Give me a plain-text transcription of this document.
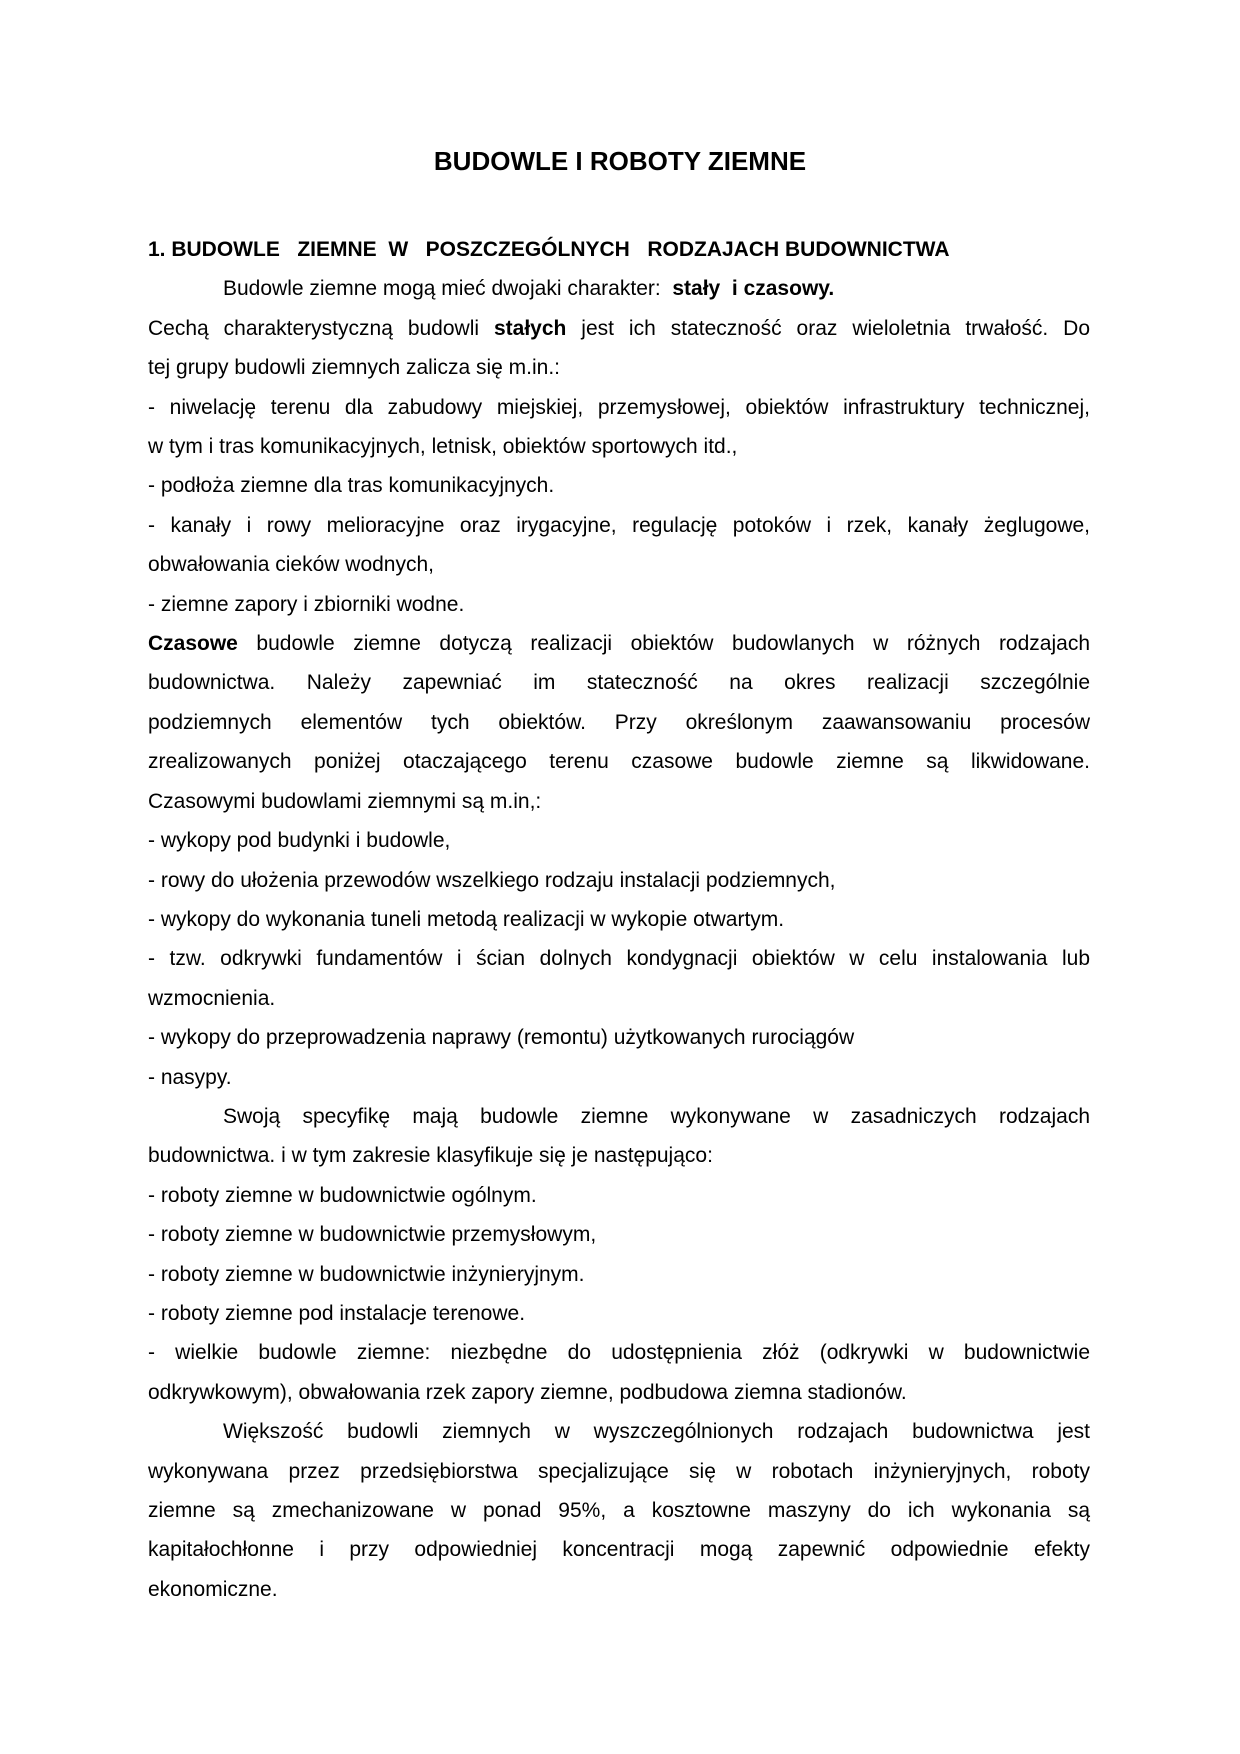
BUDOWLE I ROBOTY ZIEMNE
1. BUDOWLE   ZIEMNE  W   POSZCZEGÓLNYCH   RODZAJACH BUDOWNICTWA
Budowle ziemne mogą mieć dwojaki charakter:  stały  i czasowy.
Cechą charakterystyczną budowli stałych jest ich stateczność oraz wieloletnia trwałość. Do
tej grupy budowli ziemnych zalicza się m.in.:
- niwelację terenu dla zabudowy miejskiej, przemysłowej, obiektów infrastruktury technicznej,
w tym i tras komunikacyjnych, letnisk, obiektów sportowych itd.,
- podłoża ziemne dla tras komunikacyjnych.
- kanały i rowy melioracyjne oraz irygacyjne, regulację potoków i rzek, kanały żeglugowe,
obwałowania cieków wodnych,
- ziemne zapory i zbiorniki wodne.
Czasowe budowle ziemne dotyczą realizacji obiektów budowlanych w różnych rodzajach
budownictwa. Należy zapewniać im stateczność na okres realizacji szczególnie
podziemnych elementów tych obiektów. Przy określonym zaawansowaniu procesów
zrealizowanych poniżej otaczającego terenu czasowe budowle ziemne są likwidowane.
Czasowymi budowlami ziemnymi są m.in,:
- wykopy pod budynki i budowle,
- rowy do ułożenia przewodów wszelkiego rodzaju instalacji podziemnych,
- wykopy do wykonania tuneli metodą realizacji w wykopie otwartym.
- tzw. odkrywki fundamentów i ścian dolnych kondygnacji obiektów w celu instalowania lub
wzmocnienia.
- wykopy do przeprowadzenia naprawy (remontu) użytkowanych rurociągów
- nasypy.
Swoją specyfikę mają budowle ziemne wykonywane w zasadniczych rodzajach
budownictwa. i w tym zakresie klasyfikuje się je następująco:
- roboty ziemne w budownictwie ogólnym.
- roboty ziemne w budownictwie przemysłowym,
- roboty ziemne w budownictwie inżynieryjnym.
- roboty ziemne pod instalacje terenowe.
- wielkie budowle ziemne: niezbędne do udostępnienia złóż (odkrywki w budownictwie
odkrywkowym), obwałowania rzek zapory ziemne, podbudowa ziemna stadionów.
Większość budowli ziemnych w wyszczególnionych rodzajach budownictwa jest
wykonywana przez przedsiębiorstwa specjalizujące się w robotach inżynieryjnych, roboty
ziemne są zmechanizowane w ponad 95%, a kosztowne maszyny do ich wykonania są
kapitałochłonne i przy odpowiedniej koncentracji mogą zapewnić odpowiednie efekty
ekonomiczne.
